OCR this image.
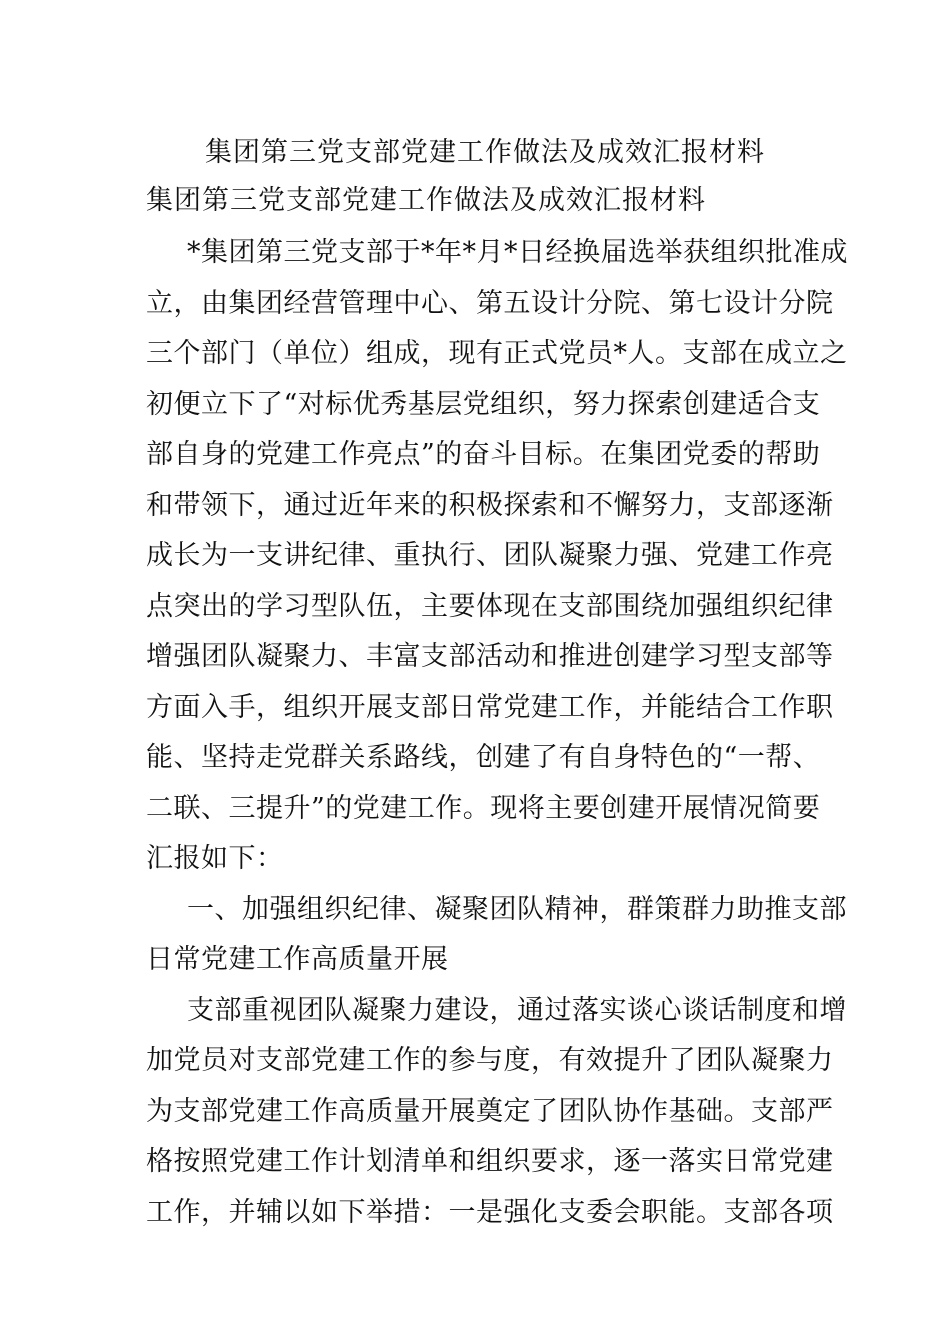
集团第三党支部党建工作做法及成效汇报材料
集团第三党支部党建工作做法及成效汇报材料
*集团第三党支部于*年*月*日经换届选举获组织批准成
立，由集团经营管理中心、第五设计分院、第七设计分院
三个部门（单位）组成，现有正式党员*人。支部在成立之
初便立下了“对标优秀基层党组织，努力探索创建适合支
部自身的党建工作亮点”的奋斗目标。在集团党委的帮助
和带领下，通过近年来的积极探索和不懈努力，支部逐渐
成长为一支讲纪律、重执行、团队凝聚力强、党建工作亮
点突出的学习型队伍，主要体现在支部围绕加强组织纪律
增强团队凝聚力、丰富支部活动和推进创建学习型支部等
方面入手，组织开展支部日常党建工作，并能结合工作职
能、坚持走党群关系路线，创建了有自身特色的“一帮、
二联、三提升”的党建工作。现将主要创建开展情况简要
汇报如下：
一、加强组织纪律、凝聚团队精神，群策群力助推支部
日常党建工作高质量开展
支部重视团队凝聚力建设，通过落实谈心谈话制度和增
加党员对支部党建工作的参与度，有效提升了团队凝聚力
为支部党建工作高质量开展奠定了团队协作基础。支部严
格按照党建工作计划清单和组织要求，逐一落实日常党建
工作，并辅以如下举措：一是强化支委会职能。支部各项
